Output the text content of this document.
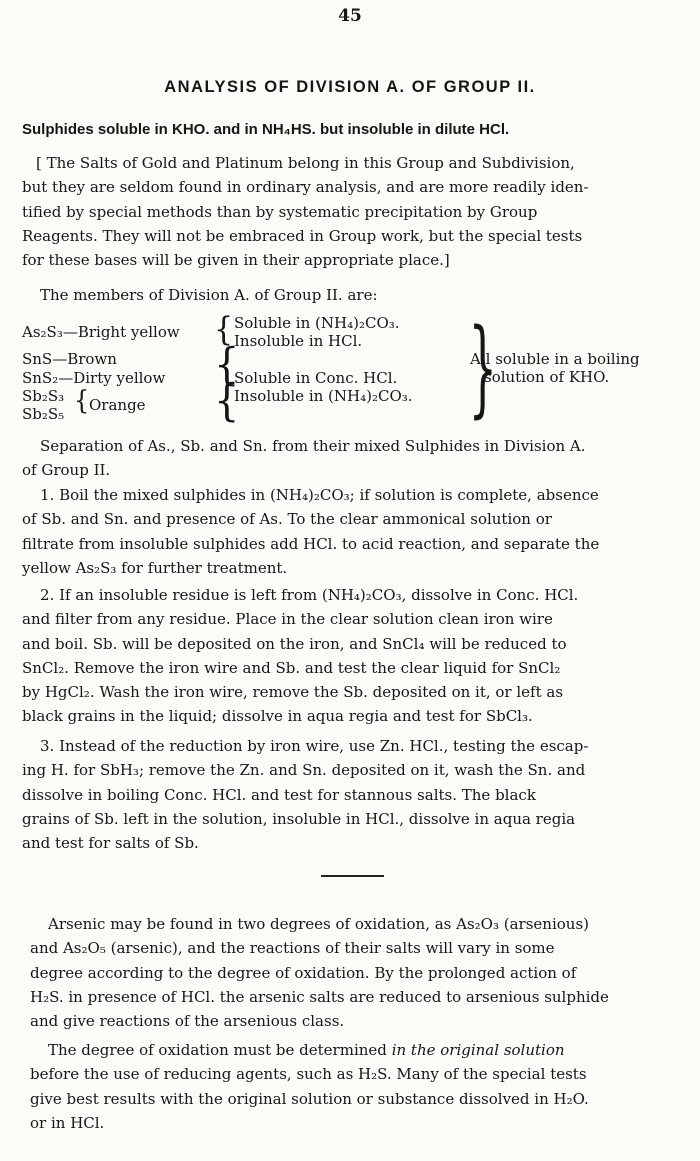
45
ANALYSIS OF DIVISION A. OF GROUP II.
Sulphides soluble in KHO. and in NH₄HS. but insoluble in dilute HCl.
[ The Salts of Gold and Platinum belong in this Group and Subdivision,
but they are seldom found in ordinary analysis, and are more readily iden-
tified by special methods than by systematic precipitation by Group
Reagents. They will not be embraced in Group work, but the special tests
for these bases will be given in their appropriate place.]
The members of Division A. of Group II. are:
As₂S₃—Bright yellow { Soluble in (NH₄)₂CO₃.
Insoluble in HCl.
SnS—Brown
SnS₂—Dirty yellow
Sb₂S₃
Sb₂S₅ { Orange
{
{
Soluble in Conc. HCl.
Insoluble in (NH₄)₂CO₃. }
All soluble in a boiling
solution of KHO.
Separation of As., Sb. and Sn. from their mixed Sulphides in Division A.
of Group II.
1. Boil the mixed sulphides in (NH₄)₂CO₃; if solution is complete, absence
of Sb. and Sn. and presence of As. To the clear ammonical solution or
filtrate from insoluble sulphides add HCl. to acid reaction, and separate the
yellow As₂S₃ for further treatment.
2. If an insoluble residue is left from (NH₄)₂CO₃, dissolve in Conc. HCl.
and filter from any residue. Place in the clear solution clean iron wire
and boil. Sb. will be deposited on the iron, and SnCl₄ will be reduced to
SnCl₂. Remove the iron wire and Sb. and test the clear liquid for SnCl₂
by HgCl₂. Wash the iron wire, remove the Sb. deposited on it, or left as
black grains in the liquid; dissolve in aqua regia and test for SbCl₃.
3. Instead of the reduction by iron wire, use Zn. HCl., testing the escap-
ing H. for SbH₃; remove the Zn. and Sn. deposited on it, wash the Sn. and
dissolve in boiling Conc. HCl. and test for stannous salts. The black
grains of Sb. left in the solution, insoluble in HCl., dissolve in aqua regia
and test for salts of Sb.
Arsenic may be found in two degrees of oxidation, as As₂O₃ (arsenious)
and As₂O₅ (arsenic), and the reactions of their salts will vary in some
degree according to the degree of oxidation. By the prolonged action of
H₂S. in presence of HCl. the arsenic salts are reduced to arsenious sulphide
and give reactions of the arsenious class.
The degree of oxidation must be determined in the original solution
before the use of reducing agents, such as H₂S. Many of the special tests
give best results with the original solution or substance dissolved in H₂O.
or in HCl.
